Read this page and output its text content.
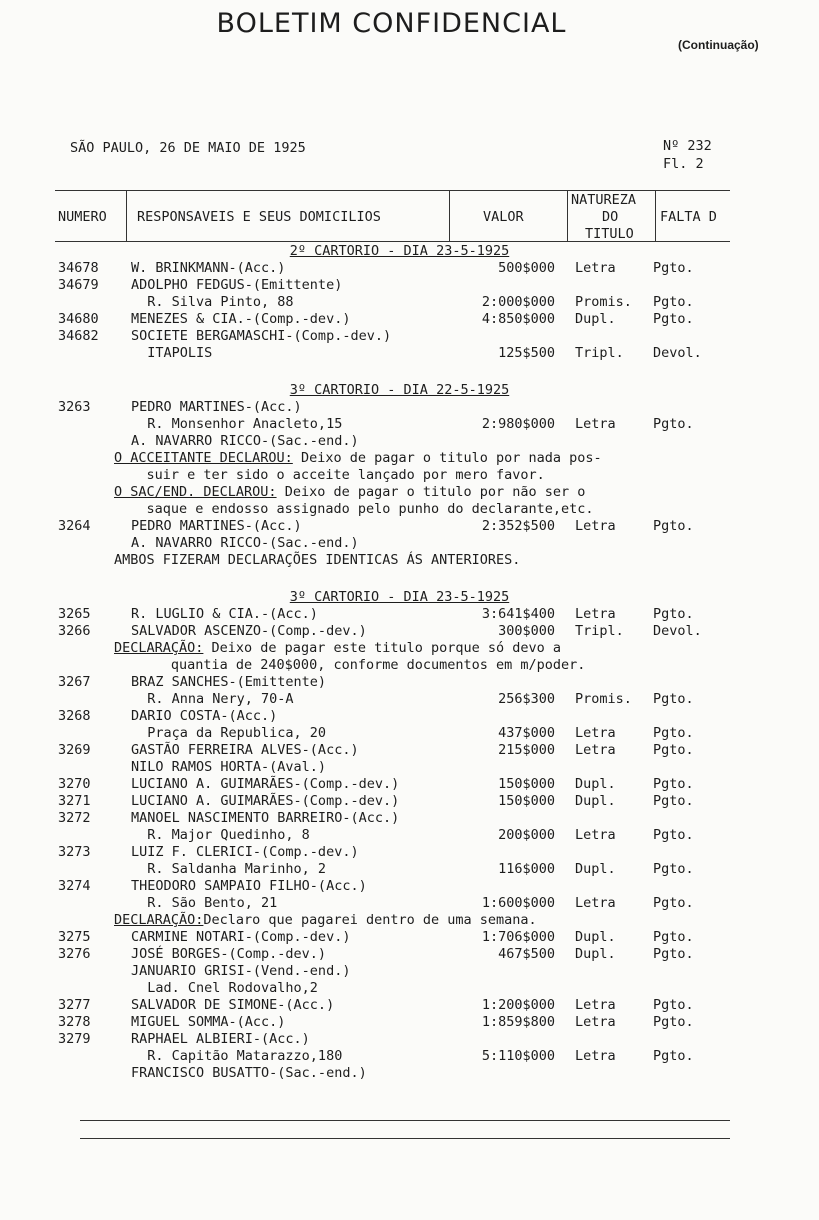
BOLETIM CONFIDENCIAL
(Continuação)
SÃO PAULO, 26 DE MAIO DE 1925	Nº 232
Fl. 2
NUMERO RESPONSAVEIS E SEUS DOMICILIOS	VALOR
NATUREZA
DO
TITULO
FALTA D
2º CARTORIO - DIA 23-5-1925
34678	W. BRINKMANN-(Acc.)	500$000 Letra	Pgto.
34679	ADOLPHO FEDGUS-(Emittente)
R. Silva Pinto, 88	2:000$000 Promis. Pgto.
34680	MENEZES & CIA.-(Comp.-dev.)	4:850$000 Dupl.	Pgto.
34682	SOCIETE BERGAMASCHI-(Comp.-dev.)
ITAPOLIS	125$500 Tripl. Devol.
3º CARTORIO - DIA 22-5-1925
3263	PEDRO MARTINES-(Acc.)
R. Monsenhor Anacleto,15	2:980$000 Letra	Pgto.
A. NAVARRO RICCO-(Sac.-end.)
O ACCEITANTE DECLAROU: Deixo de pagar o titulo por nada pos-
suir e ter sido o acceite lançado por mero favor.
O SAC/END. DECLAROU: Deixo de pagar o titulo por não ser o
saque e endosso assignado pelo punho do declarante,etc.
3264	PEDRO MARTINES-(Acc.)	2:352$500 Letra	Pgto.
A. NAVARRO RICCO-(Sac.-end.)
AMBOS FIZERAM DECLARAÇÕES IDENTICAS ÁS ANTERIORES.
3º CARTORIO - DIA 23-5-1925
3265	R. LUGLIO & CIA.-(Acc.)	3:641$400 Letra	Pgto.
3266	SALVADOR ASCENZO-(Comp.-dev.)	300$000 Tripl. Devol.
DECLARAÇÃO: Deixo de pagar este titulo porque só devo a
quantia de 240$000, conforme documentos em m/poder.
3267	BRAZ SANCHES-(Emittente)
R. Anna Nery, 70-A	256$300 Promis. Pgto.
3268	DARIO COSTA-(Acc.)
Praça da Republica, 20	437$000 Letra	Pgto.
3269	GASTÃO FERREIRA ALVES-(Acc.)	215$000 Letra	Pgto.
NILO RAMOS HORTA-(Aval.)
3270	LUCIANO A. GUIMARÃES-(Comp.-dev.)	150$000 Dupl.	Pgto.
3271	LUCIANO A. GUIMARÃES-(Comp.-dev.)	150$000 Dupl.	Pgto.
3272	MANOEL NASCIMENTO BARREIRO-(Acc.)
R. Major Quedinho, 8	200$000 Letra	Pgto.
3273	LUIZ F. CLERICI-(Comp.-dev.)
R. Saldanha Marinho, 2	116$000 Dupl.	Pgto.
3274	THEODORO SAMPAIO FILHO-(Acc.)
R. São Bento, 21	1:600$000 Letra	Pgto.
DECLARAÇÃO:Declaro que pagarei dentro de uma semana.
3275	CARMINE NOTARI-(Comp.-dev.)	1:706$000 Dupl.	Pgto.
3276	JOSÉ BORGES-(Comp.-dev.)	467$500 Dupl.	Pgto.
JANUARIO GRISI-(Vend.-end.)
Lad. Cnel Rodovalho,2
3277	SALVADOR DE SIMONE-(Acc.)	1:200$000 Letra	Pgto.
3278	MIGUEL SOMMA-(Acc.)	1:859$800 Letra	Pgto.
3279	RAPHAEL ALBIERI-(Acc.)
R. Capitão Matarazzo,180	5:110$000 Letra	Pgto.
FRANCISCO BUSATTO-(Sac.-end.)
